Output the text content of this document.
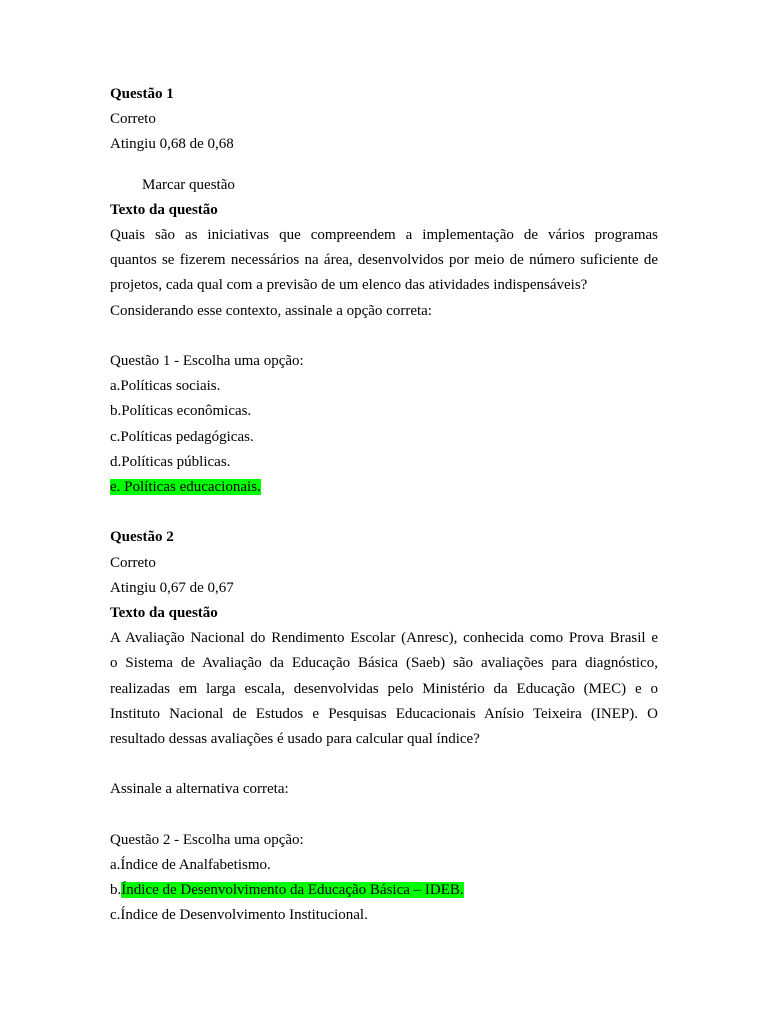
Questão 1
Correto
Atingiu 0,68 de 0,68
Marcar questão
Texto da questão
Quais são as iniciativas que compreendem a implementação de vários programas
quantos se fizerem necessários na área, desenvolvidos por meio de número suficiente de
projetos, cada qual com a previsão de um elenco das atividades indispensáveis?
Considerando esse contexto, assinale a opção correta:
Questão 1 - Escolha uma opção:
a.Políticas sociais.
b.Políticas econômicas.
c.Políticas pedagógicas.
d.Políticas públicas.
e. Políticas educacionais.
Questão 2
Correto
Atingiu 0,67 de 0,67
Texto da questão
A Avaliação Nacional do Rendimento Escolar (Anresc), conhecida como Prova Brasil e
o Sistema de Avaliação da Educação Básica (Saeb) são avaliações para diagnóstico,
realizadas em larga escala, desenvolvidas pelo Ministério da Educação (MEC) e o
Instituto Nacional de Estudos e Pesquisas Educacionais Anísio Teixeira (INEP). O
resultado dessas avaliações é usado para calcular qual índice?
Assinale a alternativa correta:
Questão 2 - Escolha uma opção:
a.Índice de Analfabetismo.
b.Índice de Desenvolvimento da Educação Básica – IDEB.
c.Índice de Desenvolvimento Institucional.
